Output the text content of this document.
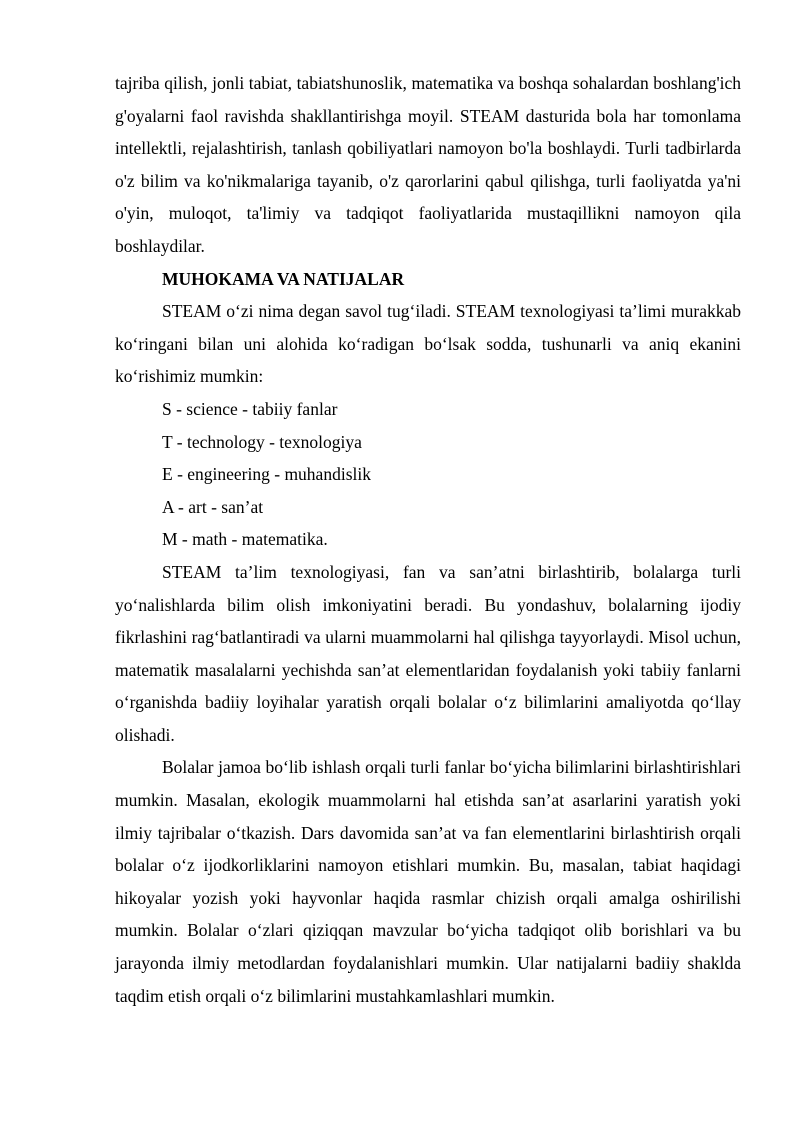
tajriba qilish, jonli tabiat, tabiatshunoslik, matematika va boshqa sohalardan boshlang'ich g'oyalarni faol ravishda shakllantirishga moyil. STEAM dasturida bola har tomonlama intellektli, rejalashtirish, tanlash qobiliyatlari namoyon bo'la boshlaydi. Turli tadbirlarda o'z bilim va ko'nikmalariga tayanib, o'z qarorlarini qabul qilishga, turli faoliyatda ya'ni o'yin, muloqot, ta'limiy va tadqiqot faoliyatlarida mustaqillikni namoyon qila boshlaydilar.

MUHOKAMA VA NATIJALAR

STEAM o‘zi nima degan savol tug‘iladi. STEAM texnologiyasi ta’limi murakkab ko‘ringani bilan uni alohida ko‘radigan bo‘lsak sodda, tushunarli va aniq ekanini ko‘rishimiz mumkin:

S - science - tabiiy fanlar

T - technology - texnologiya

E - engineering - muhandislik

A - art - san’at

M - math - matematika.

STEAM ta’lim texnologiyasi, fan va san’atni birlashtirib, bolalarga turli yo‘nalishlarda bilim olish imkoniyatini beradi. Bu yondashuv, bolalarning ijodiy fikrlashini rag‘batlantiradi va ularni muammolarni hal qilishga tayyorlaydi. Misol uchun, matematik masalalarni yechishda san’at elementlaridan foydalanish yoki tabiiy fanlarni o‘rganishda badiiy loyihalar yaratish orqali bolalar o‘z bilimlarini amaliyotda qo‘llay olishadi.

Bolalar jamoa bo‘lib ishlash orqali turli fanlar bo‘yicha bilimlarini birlashtirishlari mumkin. Masalan, ekologik muammolarni hal etishda san’at asarlarini yaratish yoki ilmiy tajribalar o‘tkazish. Dars davomida san’at va fan elementlarini birlashtirish orqali bolalar o‘z ijodkorliklarini namoyon etishlari mumkin. Bu, masalan, tabiat haqidagi hikoyalar yozish yoki hayvonlar haqida rasmlar chizish orqali amalga oshirilishi mumkin. Bolalar o‘zlari qiziqqan mavzular bo‘yicha tadqiqot olib borishlari va bu jarayonda ilmiy metodlardan foydalanishlari mumkin. Ular natijalarni badiiy shaklda taqdim etish orqali o‘z bilimlarini mustahkamlashlari mumkin.
